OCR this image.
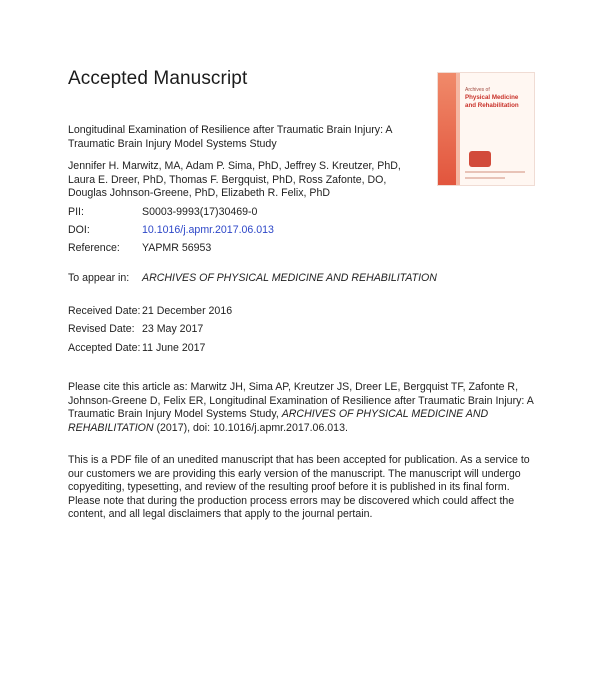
Accepted Manuscript
Archives of
Physical Medicine and Rehabilitation
Longitudinal Examination of Resilience after Traumatic Brain Injury: A Traumatic Brain Injury Model Systems Study
Jennifer H. Marwitz, MA, Adam P. Sima, PhD, Jeffrey S. Kreutzer, PhD, Laura E. Dreer, PhD, Thomas F. Bergquist, PhD, Ross Zafonte, DO, Douglas Johnson-Greene, PhD, Elizabeth R. Felix, PhD
PII:	S0003-9993(17)30469-0
DOI:	10.1016/j.apmr.2017.06.013
Reference: YAPMR 56953
To appear in: ARCHIVES OF PHYSICAL MEDICINE AND REHABILITATION
Received Date: 21 December 2016
Revised Date: 23 May 2017
Accepted Date: 11 June 2017
Please cite this article as: Marwitz JH, Sima AP, Kreutzer JS, Dreer LE, Bergquist TF, Zafonte R, Johnson-Greene D, Felix ER, Longitudinal Examination of Resilience after Traumatic Brain Injury: A Traumatic Brain Injury Model Systems Study, ARCHIVES OF PHYSICAL MEDICINE AND REHABILITATION (2017), doi: 10.1016/j.apmr.2017.06.013.
This is a PDF file of an unedited manuscript that has been accepted for publication. As a service to our customers we are providing this early version of the manuscript. The manuscript will undergo copyediting, typesetting, and review of the resulting proof before it is published in its final form. Please note that during the production process errors may be discovered which could affect the content, and all legal disclaimers that apply to the journal pertain.
